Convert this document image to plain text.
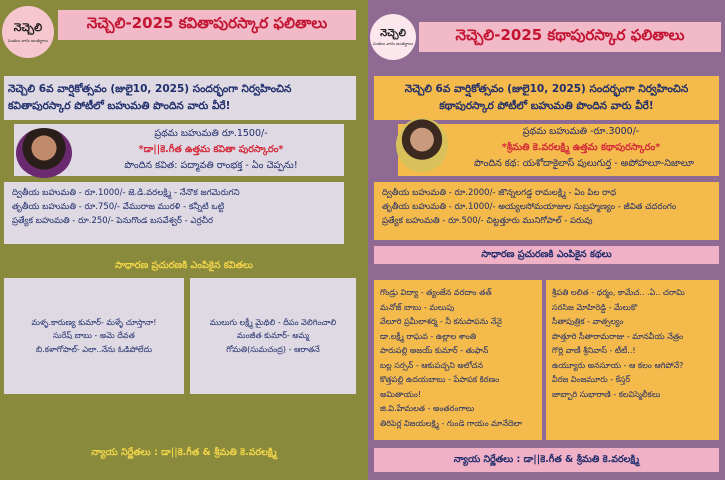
నెచ్చెలి
వంతుల వారం అంతర్జాలం
నెచ్చెలి-2025 కవితాపురస్కార ఫలితాలు
నెచ్చెలి 6వ వార్షికోత్సవం (జులై10, 2025) సందర్భంగా నిర్వహించిన
కవితాపురస్కార పోటీలో బహుమతి పొందిన వారు వీరే!
ప్రథమ బహుమతి రూ.1500/-
*డా||కె.గీత ఉత్తమ కవితా పురస్కారం*
పొందిన కవిత: పద్మావతి రాంభక్త - ఏం చెప్పను!
ద్వితీయ బహుమతి - రూ.1000/- జె.డి.వరలక్ష్మి - నేనొక జగమెరుగని
తృతీయ బహుమతి - రూ.750/- వేమురాజ మురళి - కన్నీటి ఒట్టి
ప్రత్యేక బహుమతి - రూ.250/- పెనుగొండ బసవేశ్వర్ - ఎర్రచీర
సాధారణ ప్రచురణకి ఎంపికైన కవితలు
మళ్ళ.కారుణ్య కుమార్- మళ్ళే చూస్తానా!
సురేష్ బాబు - అమె దేవత
బి.కళాగోపాల్- ఎలా..నేను ఓడిపోలేదు
ములుగు లక్ష్మీ మైథిలి - దీపం వెలిగించాలి
మంజీత కుమార్- అమ్మ
గోమతి(సుమచంద్ర) - ఆరాతనే
న్యాయ నిర్ణేతలు : డా||కె.గీత & శ్రీమతి కె.వరలక్ష్మి
నెచ్చెలి
వంతుల వారం అంతర్జాలం	నెచ్చెలి-2025 కథాపురస్కార ఫలితాలు
నెచ్చెలి 6వ వార్షికోత్సవం (జులై10, 2025) సందర్భంగా నిర్వహించిన
కథాపురస్కార పోటీలో బహుమతి పొందిన వారు వీరే!
ప్రథమ బహుమతి -రూ.3000/-
*శ్రీమతి కె.వరలక్ష్మి ఉత్తమ కథాపురస్కారం*
పొందిన కథ: యశోదాకైలాస్ పులుగుర్త - అపోహలూ-నిజాలూ
ద్వితీయ బహుమతి - రూ.2000/- జొన్నలగడ్డ రామలక్ష్మి - ఏం పిల రాధ
తృతీయ బహుమతి - రూ.1000/- అయ్యలసోమయాజుల సుబ్రహ్మణ్యం - జీవిత చదరంగం
ప్రత్యేక బహుమతి - రూ.500/- చిట్టత్తూరు మునిగోపాల్ - పరువు
సాధారణ ప్రచురణకి ఎంపికైన కథలు
గొండ్రు విద్యా - త్యంజేన వరదాం తత్
మనోజ్ బాబు - మలుపు
వేలూరి ప్రమీలాశర్మ - నీ కనుపాపను నేనై
డా.లక్ష్మీ రాఘవ - ఉల్లాల శాంతి
పారుపల్లి అజయ్ కుమార్ - తుఫాన్
బల్ల సర్సన్ - ఆకుపచ్చని అలోచన
కొత్తపల్లి ఉదయబాబు - పేపాపక కిరణం అమితాయం!
జి.వి.హేమలత - అంతరంగాలు
తిరిపెర్ల విజయలక్ష్మి - గుండె గాయం మానేదెలా
శ్రీపతి లలిత - ధర్మం, కామేచ.. .ఏ.. చరామి
సరసిజ మోహిరెడ్డి - మేలుకొ
సీతాపుత్రిక - వాత్సల్యం
పొత్తూరి సీతారామరాజు - మానవీయ నేత్రం
గొర్లి వాణీ శ్రీనివాస్ - టీటీ..!
ఉయ్యూరు అనసూయ - ఆ కలం ఆగిపోనే?
వీరజ వింజమూరు - కేస్తర్
జాబ్బారి సుభారాణి - కలవిస్మెలీకలు
న్యాయ నిర్ణేతలు : డా||కె.గీత & శ్రీమతి కె.వరలక్ష్మి
